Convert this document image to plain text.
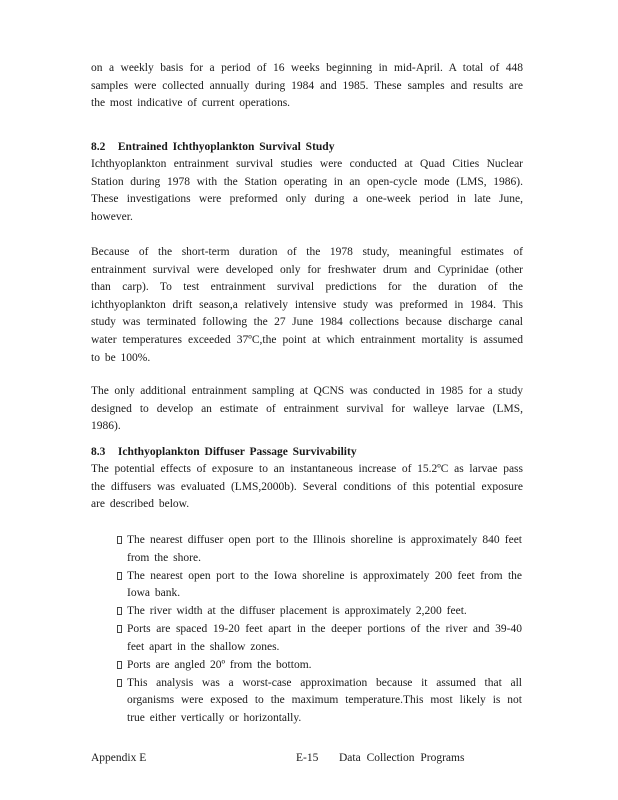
on a weekly basis for a period of 16 weeks beginning in mid-April. A total of 448 samples were collected annually during 1984 and 1985. These samples and results are the most indicative of current operations.

8.2 Entrained Ichthyoplankton Survival Study

Ichthyoplankton entrainment survival studies were conducted at Quad Cities Nuclear Station during 1978 with the Station operating in an open-cycle mode (LMS, 1986). These investigations were preformed only during a one-week period in late June, however.

Because of the short-term duration of the 1978 study, meaningful estimates of entrainment survival were developed only for freshwater drum and Cyprinidae (other than carp). To test entrainment survival predictions for the duration of the ichthyoplankton drift season,a relatively intensive study was preformed in 1984. This study was terminated following the 27 June 1984 collections because discharge canal water temperatures exceeded 37ºC,the point at which entrainment mortality is assumed to be 100%.

The only additional entrainment sampling at QCNS was conducted in 1985 for a study designed to develop an estimate of entrainment survival for walleye larvae (LMS, 1986).

8.3 Ichthyoplankton Diffuser Passage Survivability

The potential effects of exposure to an instantaneous increase of 15.2ºC as larvae pass the diffusers was evaluated (LMS,2000b). Several conditions of this potential exposure are described below.

The nearest diffuser open port to the Illinois shoreline is approximately 840 feet from the shore.
The nearest open port to the Iowa shoreline is approximately 200 feet from the Iowa bank.
The river width at the diffuser placement is approximately 2,200 feet.
Ports are spaced 19-20 feet apart in the deeper portions of the river and 39-40 feet apart in the shallow zones.
Ports are angled 20º from the bottom.
This analysis was a worst-case approximation because it assumed that all organisms were exposed to the maximum temperature.This most likely is not true either vertically or horizontally.
Appendix E	E-15 Data Collection Programs
